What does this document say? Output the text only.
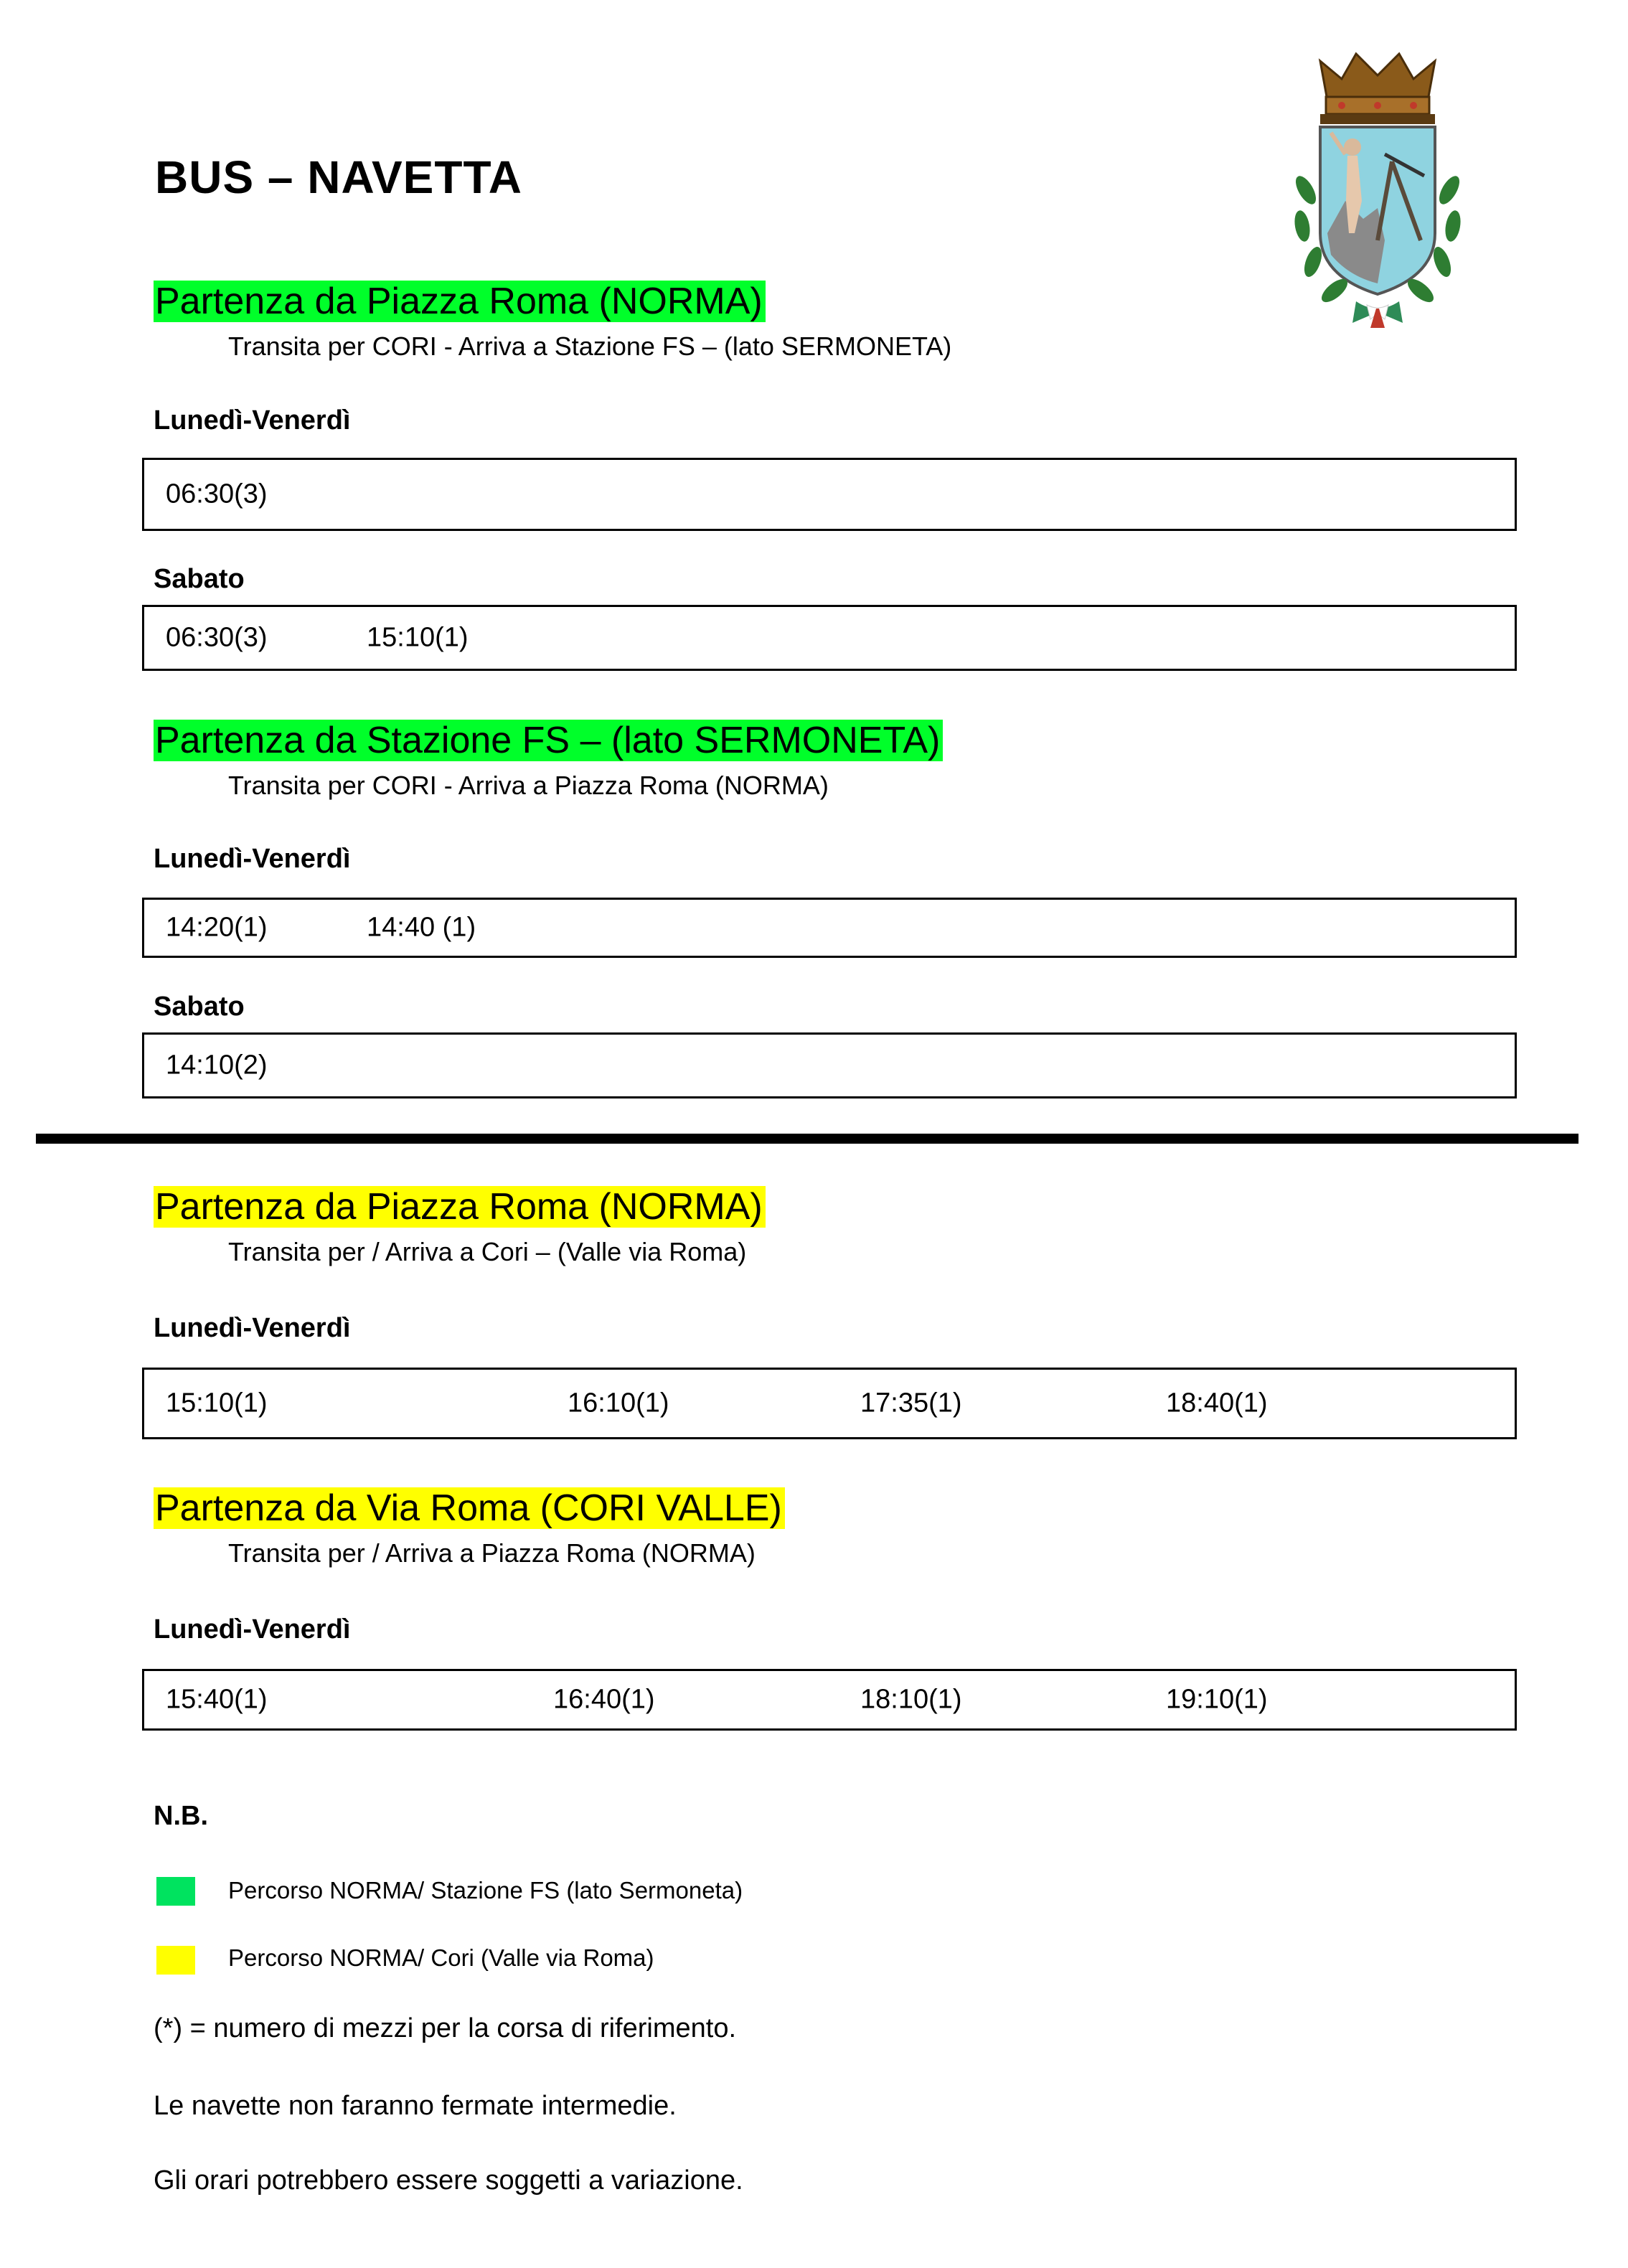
BUS – NAVETTA
Partenza da Piazza Roma (NORMA)
Transita per CORI - Arriva a Stazione FS – (lato SERMONETA)
Lunedì-Venerdì
06:30(3)
Sabato
06:30(3)	15:10(1)
Partenza da Stazione FS – (lato SERMONETA)
Transita per CORI - Arriva a Piazza Roma (NORMA)
Lunedì-Venerdì
14:20(1)	14:40 (1)
Sabato
14:10(2)
Partenza da Piazza Roma (NORMA)
Transita per / Arriva a Cori – (Valle via Roma)
Lunedì-Venerdì
15:10(1)	16:10(1)	17:35(1)	18:40(1)
Partenza da Via Roma (CORI VALLE)
Transita per / Arriva a Piazza Roma (NORMA)
Lunedì-Venerdì
15:40(1)	16:40(1)	18:10(1)	19:10(1)
N.B.
Percorso NORMA/ Stazione FS (lato Sermoneta)
Percorso NORMA/ Cori (Valle via Roma)
(*) = numero di mezzi per la corsa di riferimento.
Le navette non faranno fermate intermedie.
Gli orari potrebbero essere soggetti a variazione.
